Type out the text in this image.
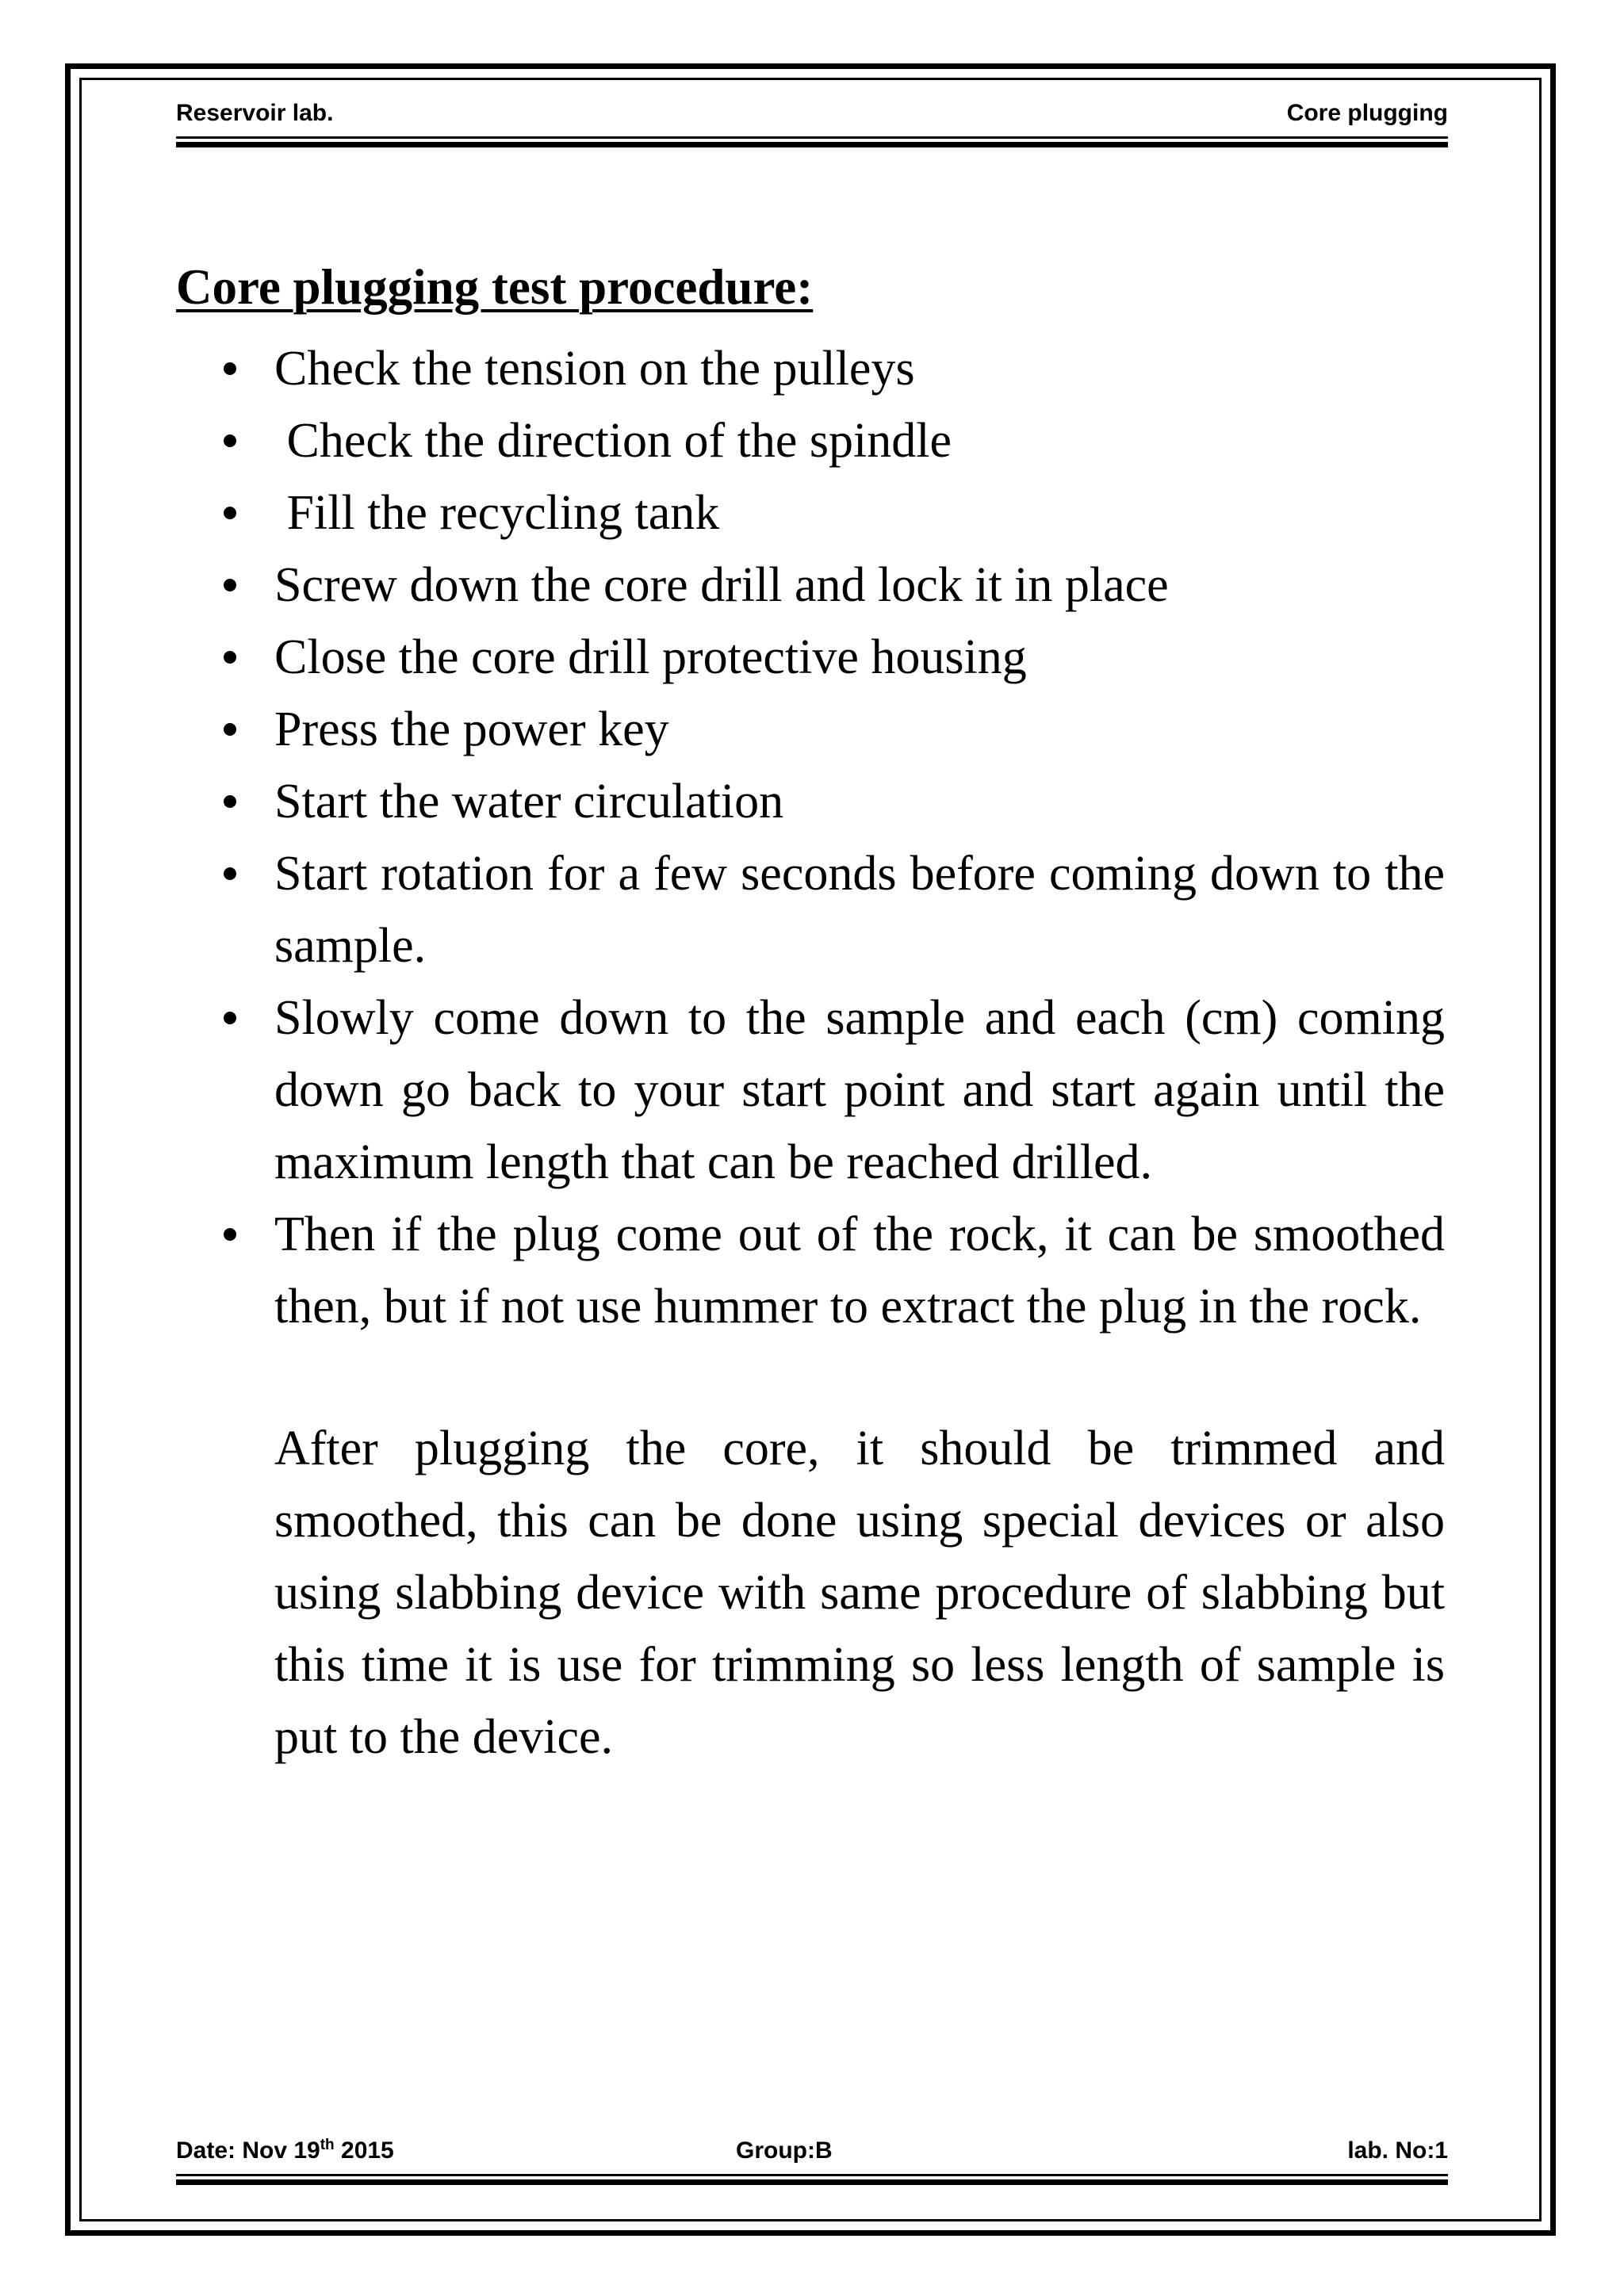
Reservoir lab.	Core plugging
Core plugging test procedure:
Check the tension on the pulleys
Check the direction of the spindle
Fill the recycling tank
Screw down the core drill and lock it in place
Close the core drill protective housing
Press the power key
Start the water circulation
Start rotation for a few seconds before coming down to the sample.
Slowly come down to the sample and each (cm) coming down go back to your start point and start again until the maximum length that can be reached drilled.
Then if the plug come out of the rock, it can be smoothed then, but if not use hummer to extract the plug in the rock.

After plugging the core, it should be trimmed and smoothed, this can be done using special devices or also using slabbing device with same procedure of slabbing but this time it is use for trimming so less length of sample is put to the device.

Date: Nov 19th 2015	Group:B	lab. No:1
